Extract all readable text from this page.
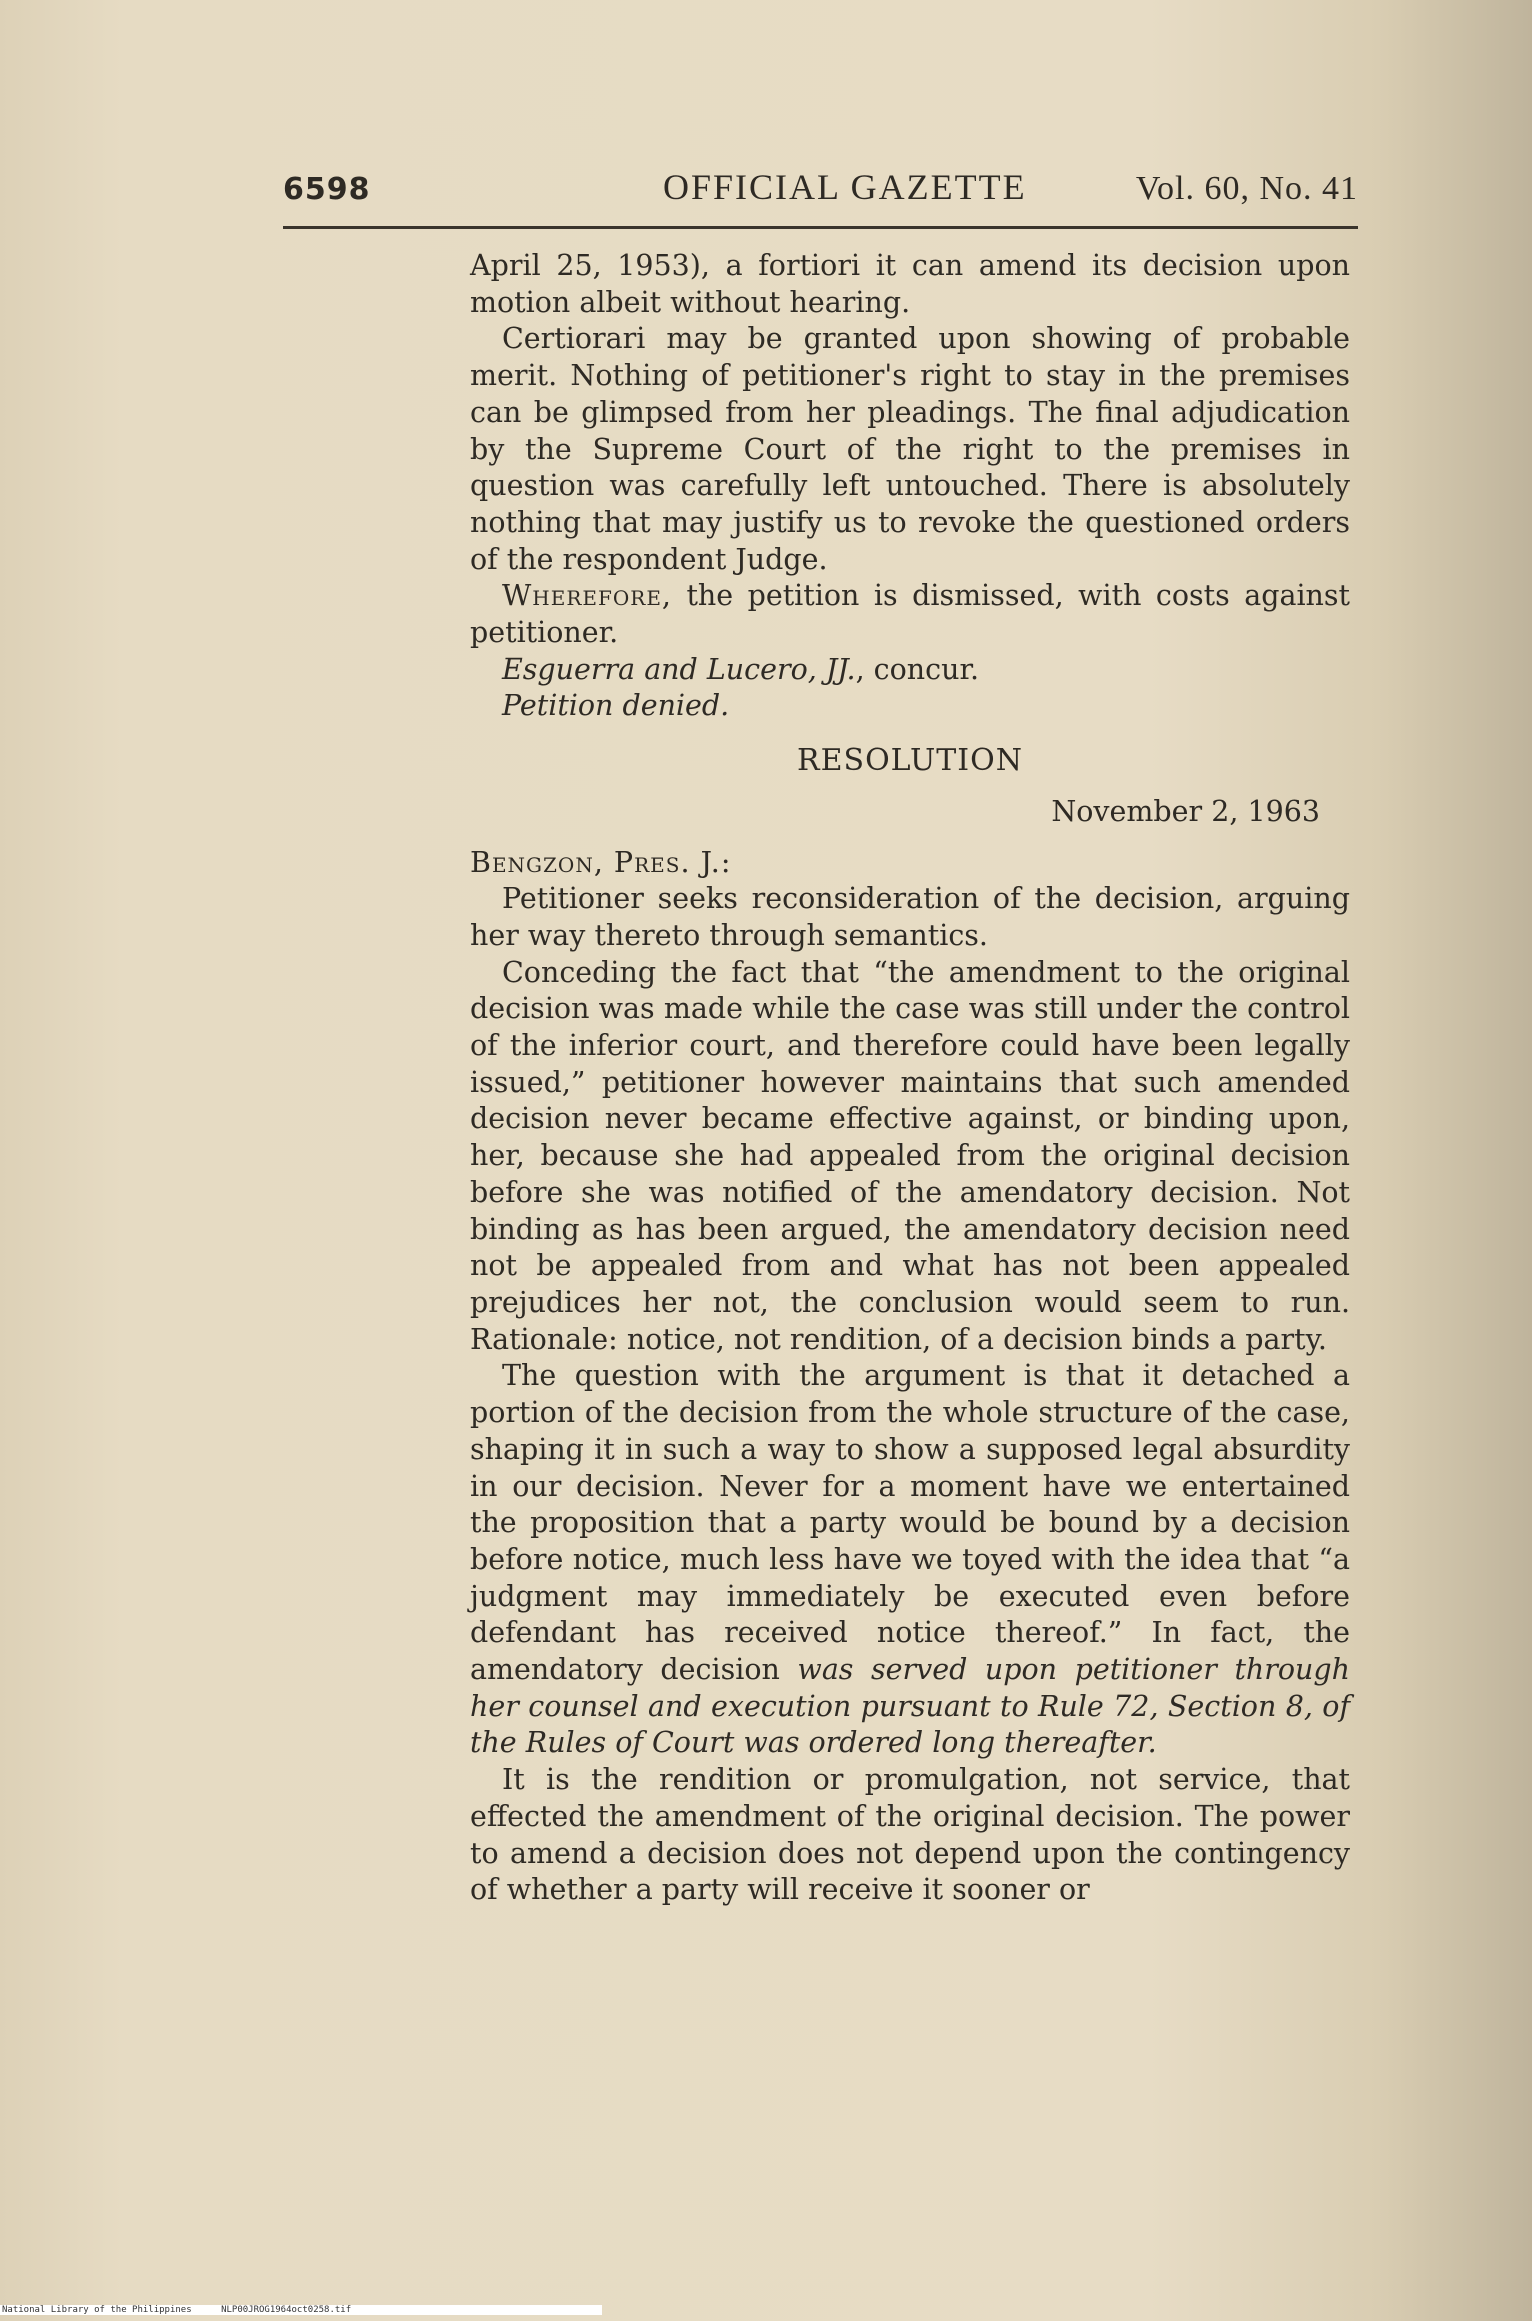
6598	OFFICIAL GAZETTE	Vol. 60, No. 41

April 25, 1953), a fortiori it can amend its decision upon motion albeit without hearing.

Certiorari may be granted upon showing of probable merit. Nothing of petitioner's right to stay in the premises can be glimpsed from her pleadings. The final adjudication by the Supreme Court of the right to the premises in question was carefully left untouched. There is absolutely nothing that may justify us to revoke the questioned orders of the respondent Judge.

Wherefore, the petition is dismissed, with costs against petitioner.

Esguerra and Lucero, JJ., concur.

Petition denied.

RESOLUTION

November 2, 1963

Bengzon, Pres. J.:

Petitioner seeks reconsideration of the decision, arguing her way thereto through semantics.

Conceding the fact that “the amendment to the original decision was made while the case was still under the control of the inferior court, and therefore could have been legally issued,” petitioner however maintains that such amended decision never became effective against, or binding upon, her, because she had appealed from the original decision before she was notified of the amendatory decision. Not binding as has been argued, the amendatory decision need not be appealed from and what has not been appealed prejudices her not, the conclusion would seem to run. Rationale: notice, not rendition, of a decision binds a party.

The question with the argument is that it detached a portion of the decision from the whole structure of the case, shaping it in such a way to show a supposed legal absurdity in our decision. Never for a moment have we entertained the proposition that a party would be bound by a decision before notice, much less have we toyed with the idea that “a judgment may immediately be executed even before defendant has received notice thereof.” In fact, the amendatory decision was served upon petitioner through her counsel and execution pursuant to Rule 72, Section 8, of the Rules of Court was ordered long thereafter.

It is the rendition or promulgation, not service, that effected the amendment of the original decision. The power to amend a decision does not depend upon the contingency of whether a party will receive it sooner or

National Library of the Philippines	NLP00JROG1964oct0258.tif
